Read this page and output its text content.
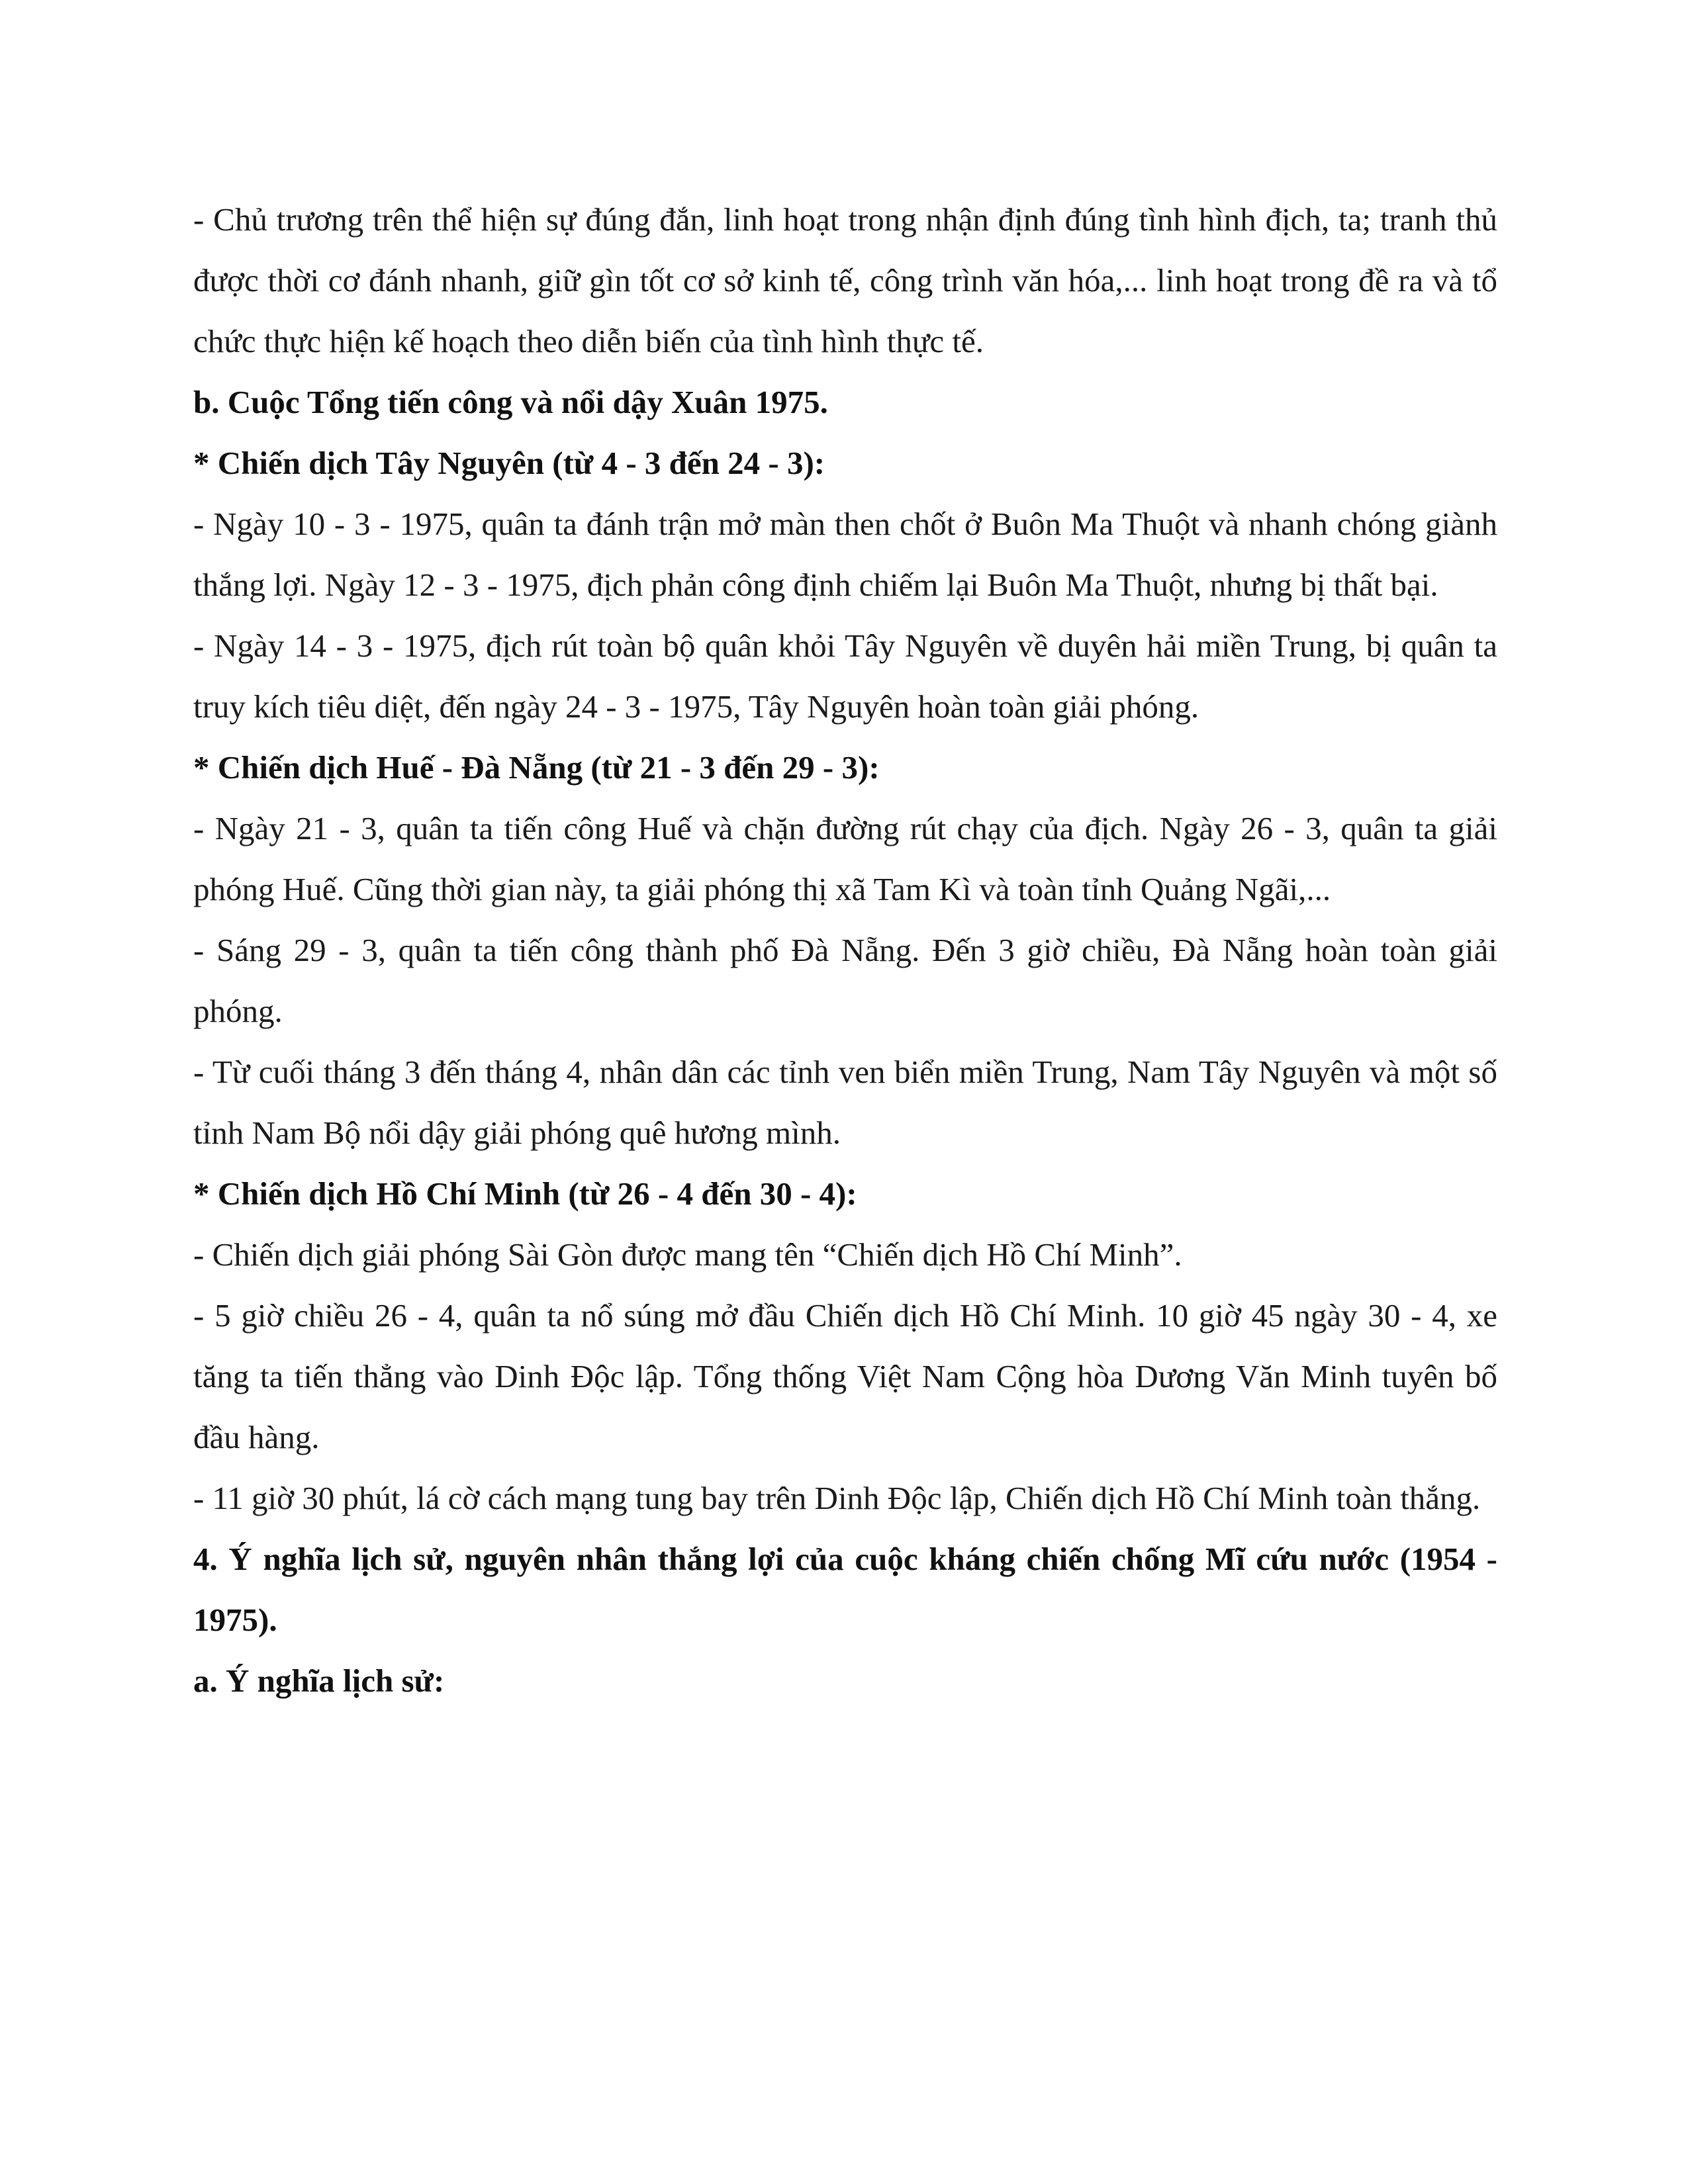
- Chủ trương trên thể hiện sự đúng đắn, linh hoạt trong nhận định đúng tình hình địch, ta; tranh thủ được thời cơ đánh nhanh, giữ gìn tốt cơ sở kinh tế, công trình văn hóa,... linh hoạt trong đề ra và tổ chức thực hiện kế hoạch theo diễn biến của tình hình thực tế.

b. Cuộc Tổng tiến công và nổi dậy Xuân 1975.

* Chiến dịch Tây Nguyên (từ 4 - 3 đến 24 - 3):

- Ngày 10 - 3 - 1975, quân ta đánh trận mở màn then chốt ở Buôn Ma Thuột và nhanh chóng giành thắng lợi. Ngày 12 - 3 - 1975, địch phản công định chiếm lại Buôn Ma Thuột, nhưng bị thất bại.

- Ngày 14 - 3 - 1975, địch rút toàn bộ quân khỏi Tây Nguyên về duyên hải miền Trung, bị quân ta truy kích tiêu diệt, đến ngày 24 - 3 - 1975, Tây Nguyên hoàn toàn giải phóng.

* Chiến dịch Huế - Đà Nẵng (từ 21 - 3 đến 29 - 3):

- Ngày 21 - 3, quân ta tiến công Huế và chặn đường rút chạy của địch. Ngày 26 - 3, quân ta giải phóng Huế. Cũng thời gian này, ta giải phóng thị xã Tam Kì và toàn tỉnh Quảng Ngãi,...

- Sáng 29 - 3, quân ta tiến công thành phố Đà Nẵng. Đến 3 giờ chiều, Đà Nẵng hoàn toàn giải phóng.

- Từ cuối tháng 3 đến tháng 4, nhân dân các tỉnh ven biển miền Trung, Nam Tây Nguyên và một số tỉnh Nam Bộ nổi dậy giải phóng quê hương mình.

* Chiến dịch Hồ Chí Minh (từ 26 - 4 đến 30 - 4):

- Chiến dịch giải phóng Sài Gòn được mang tên “Chiến dịch Hồ Chí Minh”.

- 5 giờ chiều 26 - 4, quân ta nổ súng mở đầu Chiến dịch Hồ Chí Minh. 10 giờ 45 ngày 30 - 4, xe tăng ta tiến thẳng vào Dinh Độc lập. Tổng thống Việt Nam Cộng hòa Dương Văn Minh tuyên bố đầu hàng.

- 11 giờ 30 phút, lá cờ cách mạng tung bay trên Dinh Độc lập, Chiến dịch Hồ Chí Minh toàn thắng.

4. Ý nghĩa lịch sử, nguyên nhân thắng lợi của cuộc kháng chiến chống Mĩ cứu nước (1954 - 1975).

a. Ý nghĩa lịch sử:
